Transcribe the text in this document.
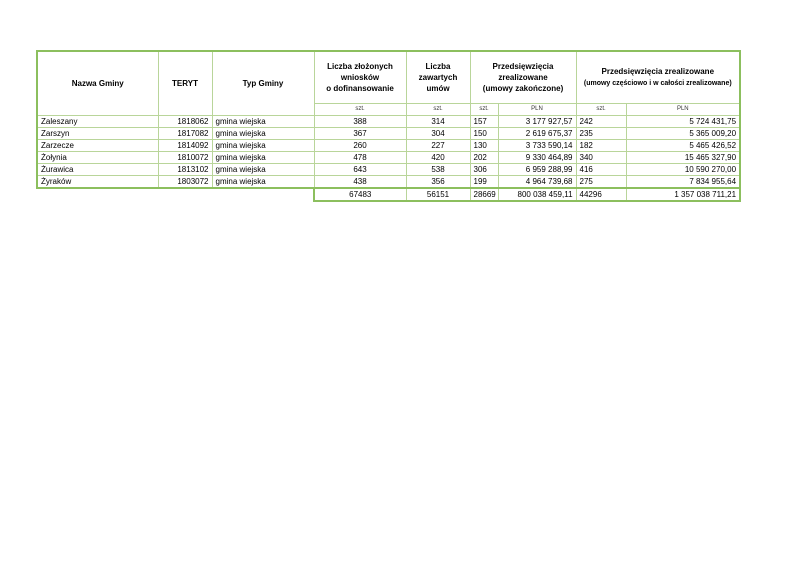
Nazwa Gminy	TERYT	Typ Gminy	Liczba złożonych
wniosków
o dofinansowanie	Liczba
zawartych
umów	Przedsięwzięcia
zrealizowane
(umowy zakończone)		Przedsięwzięcia zrealizowane
(umowy częściowo i w całości zrealizowane)	
			szt.	szt.	szt.	PLN	szt.	PLN
Zaleszany	1818062	gmina wiejska	388	314	157	3 177 927,57	242	5 724 431,75
Zarszyn	1817082	gmina wiejska	367	304	150	2 619 675,37	235	5 365 009,20
Zarzecze	1814092	gmina wiejska	260	227	130	3 733 590,14	182	5 465 426,52
Żołynia	1810072	gmina wiejska	478	420	202	9 330 464,89	340	15 465 327,90
Żurawica	1813102	gmina wiejska	643	538	306	6 959 288,99	416	10 590 270,00
Żyraków	1803072	gmina wiejska	438	356	199	4 964 739,68	275	7 834 955,64
			67483	56151	28669	800 038 459,11	44296	1 357 038 711,21
